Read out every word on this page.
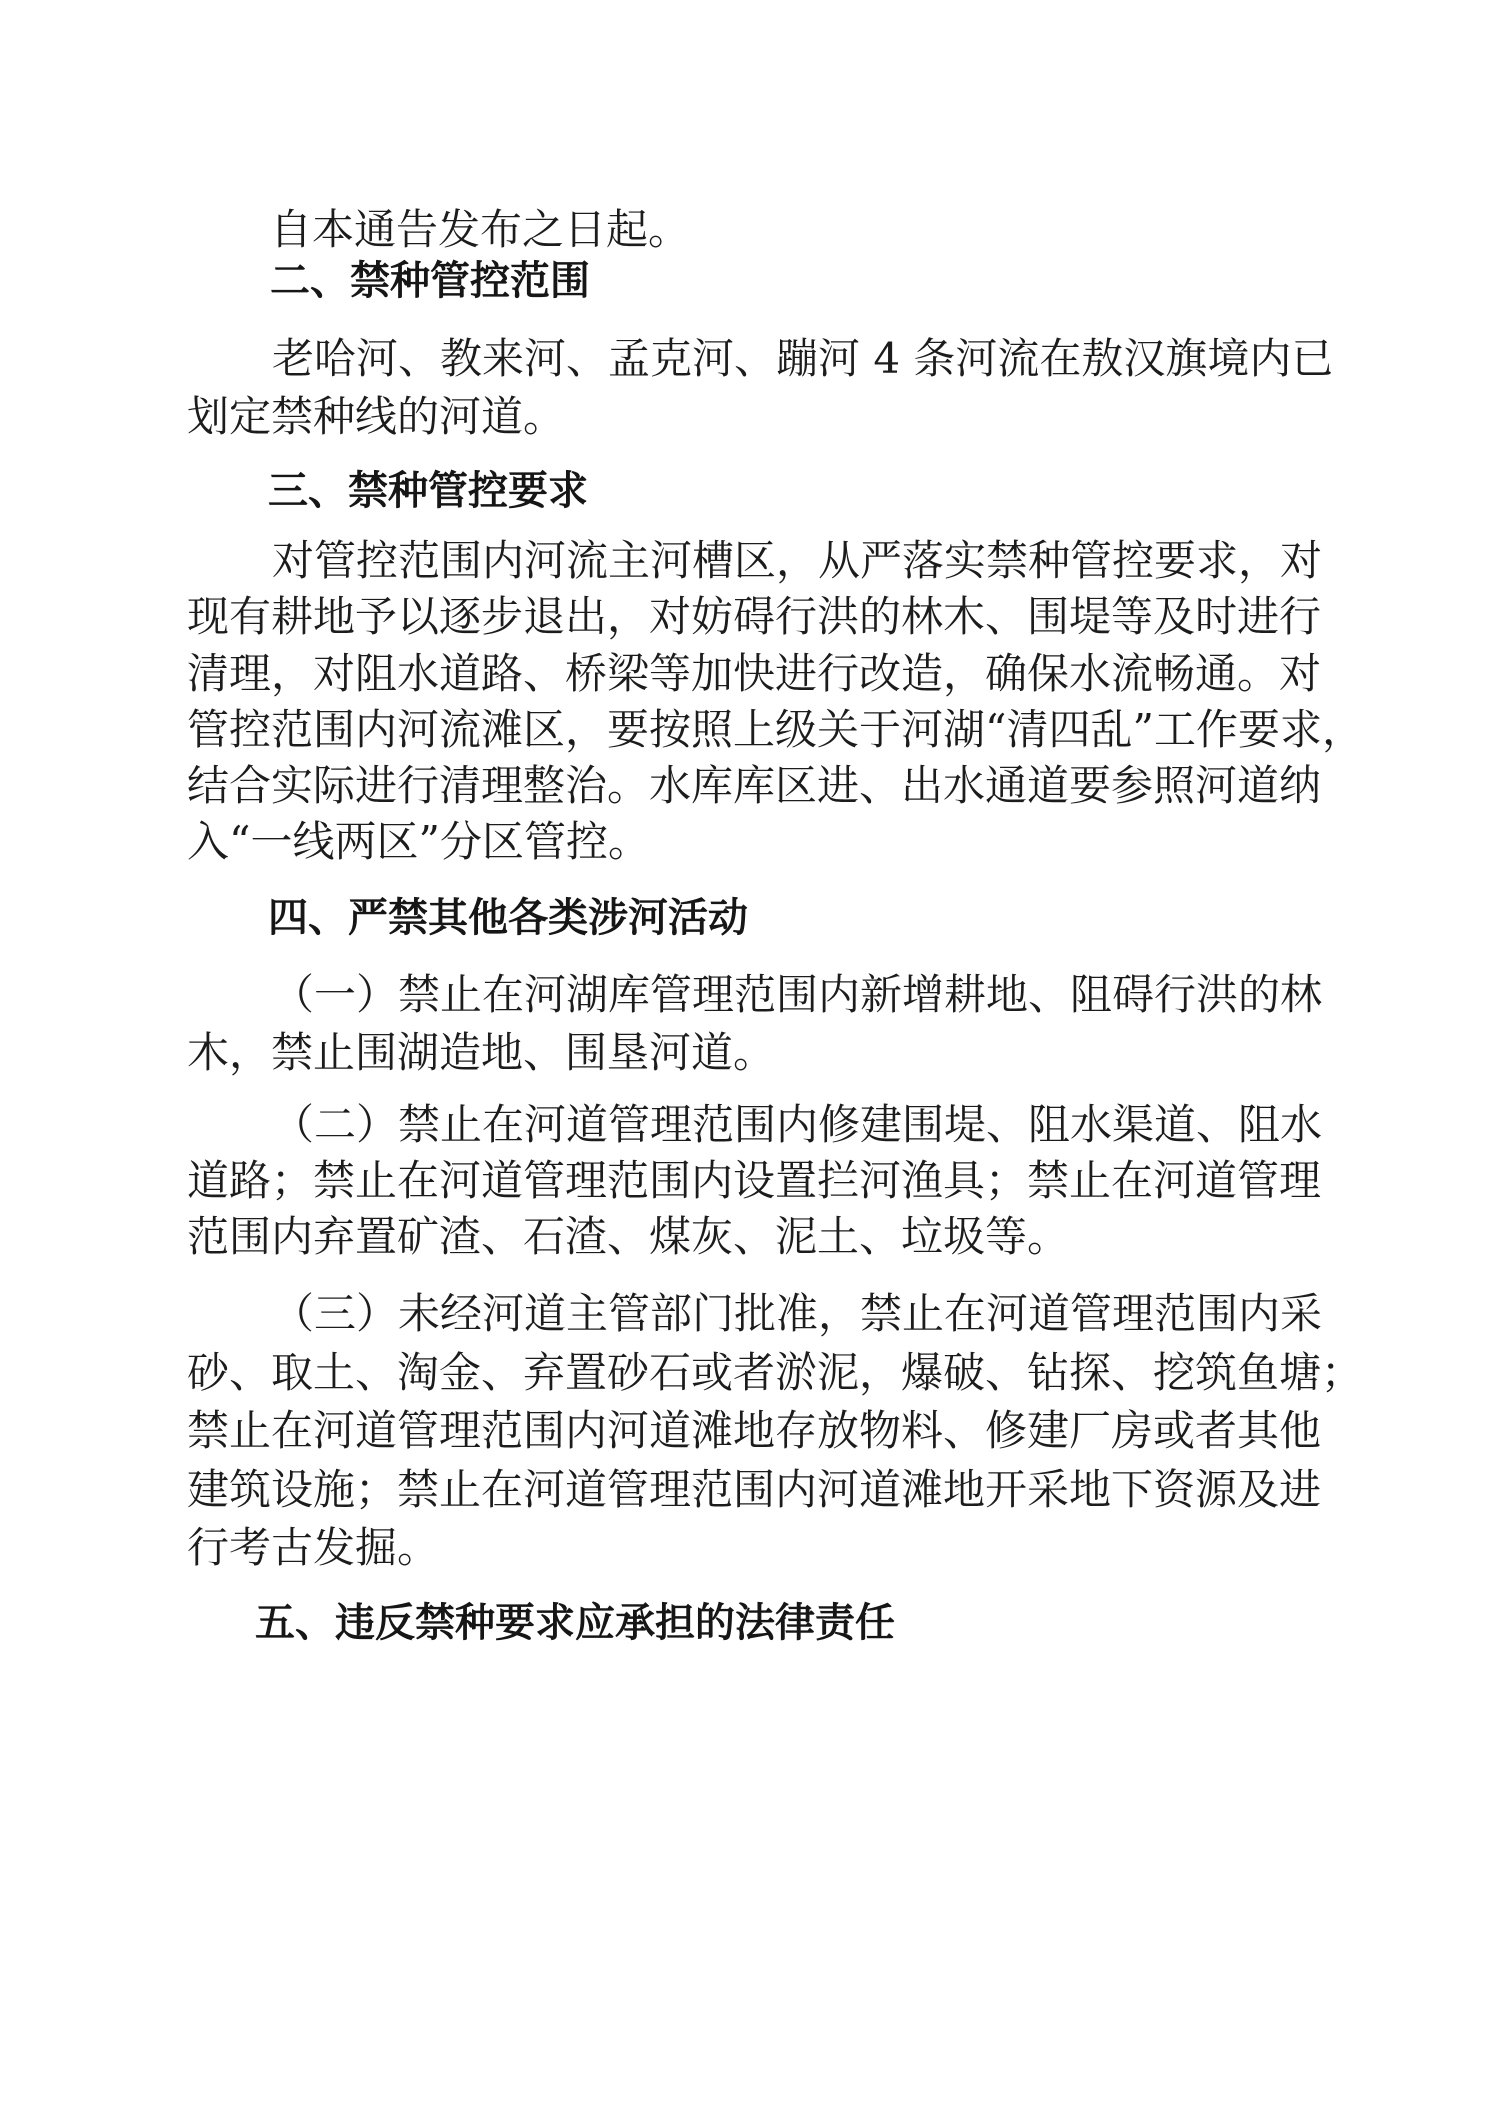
自本通告发布之日起。
二、禁种管控范围
老哈河、教来河、孟克河、蹦河 4 条河流在敖汉旗境内已
划定禁种线的河道。
三、禁种管控要求
对管控范围内河流主河槽区，从严落实禁种管控要求，对
现有耕地予以逐步退出，对妨碍行洪的林木、围堤等及时进行
清理，对阻水道路、桥梁等加快进行改造，确保水流畅通。对
管控范围内河流滩区，要按照上级关于河湖“清四乱”工作要求，
结合实际进行清理整治。水库库区进、出水通道要参照河道纳
入“一线两区”分区管控。
四、严禁其他各类涉河活动
（一）禁止在河湖库管理范围内新增耕地、阻碍行洪的林
木，禁止围湖造地、围垦河道。
（二）禁止在河道管理范围内修建围堤、阻水渠道、阻水
道路；禁止在河道管理范围内设置拦河渔具；禁止在河道管理
范围内弃置矿渣、石渣、煤灰、泥土、垃圾等。
（三）未经河道主管部门批准，禁止在河道管理范围内采
砂、取土、淘金、弃置砂石或者淤泥，爆破、钻探、挖筑鱼塘；
禁止在河道管理范围内河道滩地存放物料、修建厂房或者其他
建筑设施；禁止在河道管理范围内河道滩地开采地下资源及进
行考古发掘。
五、违反禁种要求应承担的法律责任
